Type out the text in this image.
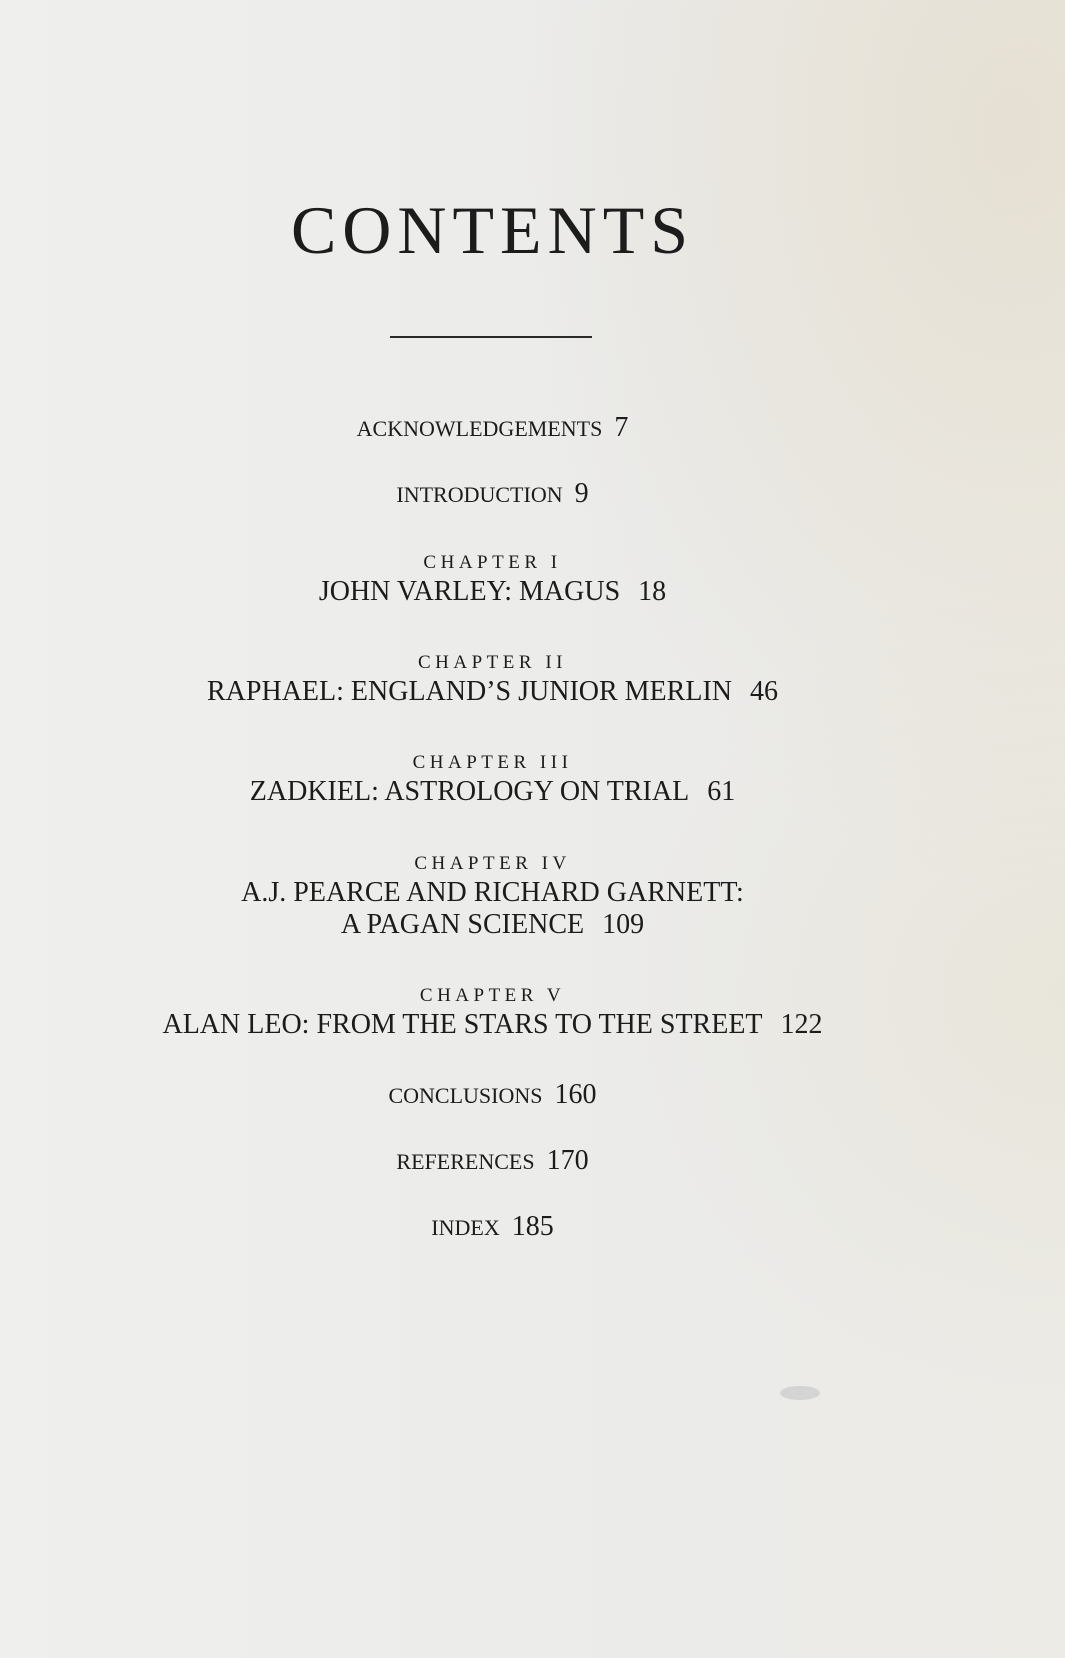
CONTENTS
ACKNOWLEDGEMENTS 7
INTRODUCTION 9
CHAPTER I
JOHN VARLEY: MAGUS 18
CHAPTER II
RAPHAEL: ENGLAND’S JUNIOR MERLIN 46
CHAPTER III
ZADKIEL: ASTROLOGY ON TRIAL 61
CHAPTER IV
A.J. PEARCE AND RICHARD GARNETT:
A PAGAN SCIENCE 109
CHAPTER V
ALAN LEO: FROM THE STARS TO THE STREET 122
CONCLUSIONS 160
REFERENCES 170
INDEX 185
